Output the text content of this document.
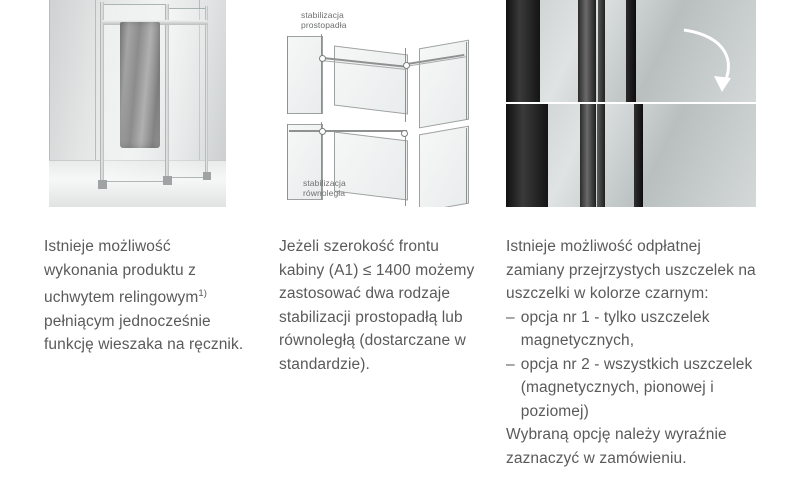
Istnieje możliwość wykonania produktu z uchwytem relingowym$^{1)}$ pełniącym jednocześnie funkcję wieszaka na ręcznik.

stabilizacja
prostopadła
stabilizacja
równoległa

Jeżeli szerokość frontu kabiny (A1) ≤ 1400 możemy zastosować dwa rodzaje stabilizacji prostopadłą lub równoległą (dostarczane w standardzie).

Istnieje możliwość odpłatnej zamiany przejrzystych uszczelek na uszczelki w kolorze czarnym:

– opcja nr 1 - tylko uszczelek magnetycznych,
– opcja nr 2 - wszystkich uszczelek (magnetycznych, pionowej i poziomej)

Wybraną opcję należy wyraźnie zaznaczyć w zamówieniu.
